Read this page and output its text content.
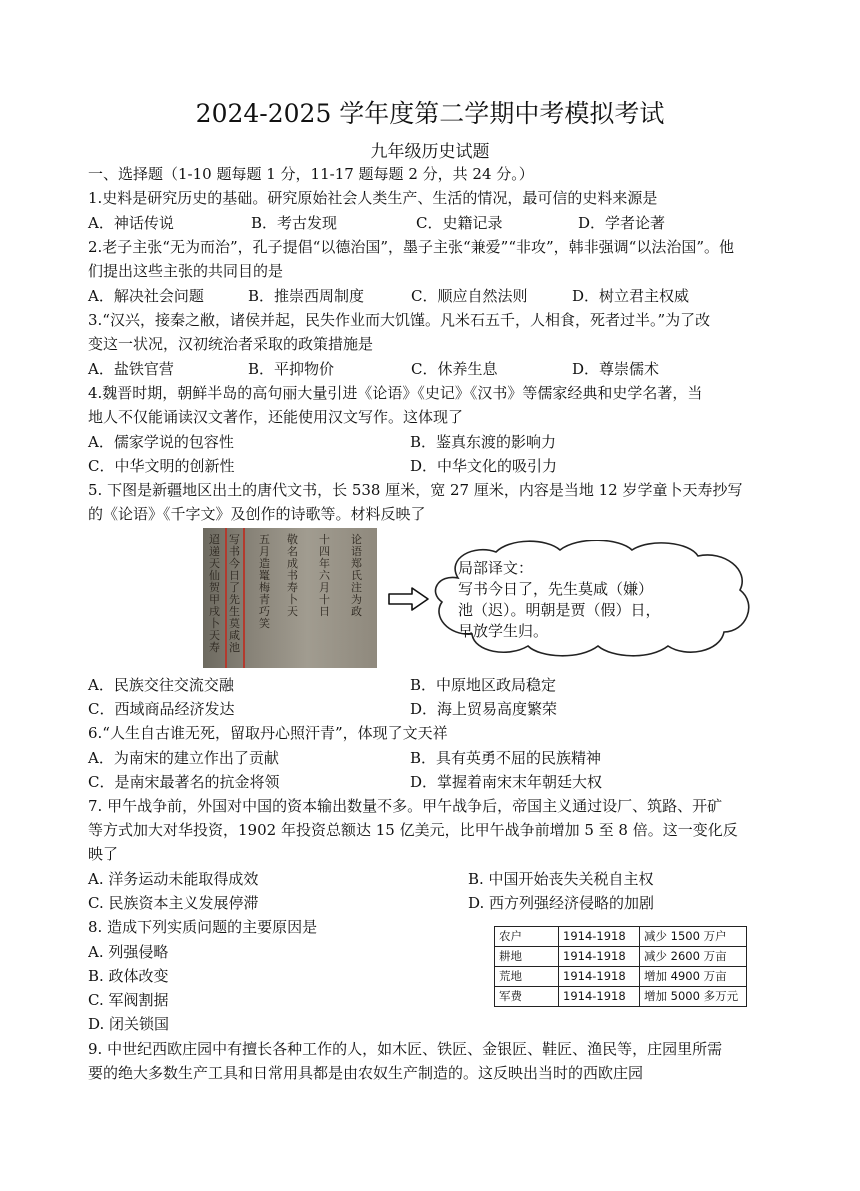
2024-2025 学年度第二学期中考模拟考试
九年级历史试题
一、选择题（1-10 题每题 1 分，11-17 题每题 2 分，共 24 分。）
1.史料是研究历史的基础。研究原始社会人类生产、生活的情况，最可信的史料来源是
A．神话传说	B．考古发现	C．史籍记录	D．学者论著
2.老子主张“无为而治”，孔子提倡“以德治国”，墨子主张“兼爱”“非攻”，韩非强调“以法治国”。他
们提出这些主张的共同目的是
A．解决社会问题	B．推崇西周制度	C．顺应自然法则	D．树立君主权威
3.“汉兴，接秦之敝，诸侯并起，民失作业而大饥馑。凡米石五千，人相食，死者过半。”为了改
变这一状况，汉初统治者采取的政策措施是
A．盐铁官营	B．平抑物价	C．休养生息	D．尊崇儒术
4.魏晋时期，朝鲜半岛的高句丽大量引进《论语》《史记》《汉书》等儒家经典和史学名著，当
地人不仅能诵读汉文著作，还能使用汉文写作。这体现了
A．儒家学说的包容性	B．鉴真东渡的影响力
C．中华文明的创新性	D．中华文化的吸引力
5. 下图是新疆地区出土的唐代文书，长 538 厘米，宽 27 厘米，内容是当地 12 岁学童卜天寿抄写
的《论语》《千字文》及创作的诗歌等。材料反映了
迢递天仙贺甲戌卜天寿
写书今日了先生莫咸池
五月造鼍梅青巧笑
敬名成书寿卜天
十四年六月十日
论语郑氏注为政
局部译文：
写书今日了，先生莫咸（嫌）
池（迟）。明朝是贾（假）日，
早放学生归。
A．民族交往交流交融	B．中原地区政局稳定
C．西域商品经济发达	D．海上贸易高度繁荣
6.“人生自古谁无死，留取丹心照汗青”，体现了文天祥
A．为南宋的建立作出了贡献	B．具有英勇不屈的民族精神
C．是南宋最著名的抗金将领	D．掌握着南宋末年朝廷大权
7. 甲午战争前，外国对中国的资本输出数量不多。甲午战争后，帝国主义通过设厂、筑路、开矿
等方式加大对华投资，1902 年投资总额达 15 亿美元，比甲午战争前增加 5 至 8 倍。这一变化反
映了
A. 洋务运动未能取得成效	B. 中国开始丧失关税自主权
C. 民族资本主义发展停滞	D. 西方列强经济侵略的加剧
8. 造成下列实质问题的主要原因是
A. 列强侵略
B. 政体改变
C. 军阀割据
D. 闭关锁国
农户	1914-1918	减少 1500 万户
耕地	1914-1918	减少 2600 万亩
荒地	1914-1918	增加 4900 万亩
军费	1914-1918	增加 5000 多万元
9. 中世纪西欧庄园中有擅长各种工作的人，如木匠、铁匠、金银匠、鞋匠、渔民等，庄园里所需
要的绝大多数生产工具和日常用具都是由农奴生产制造的。这反映出当时的西欧庄园
